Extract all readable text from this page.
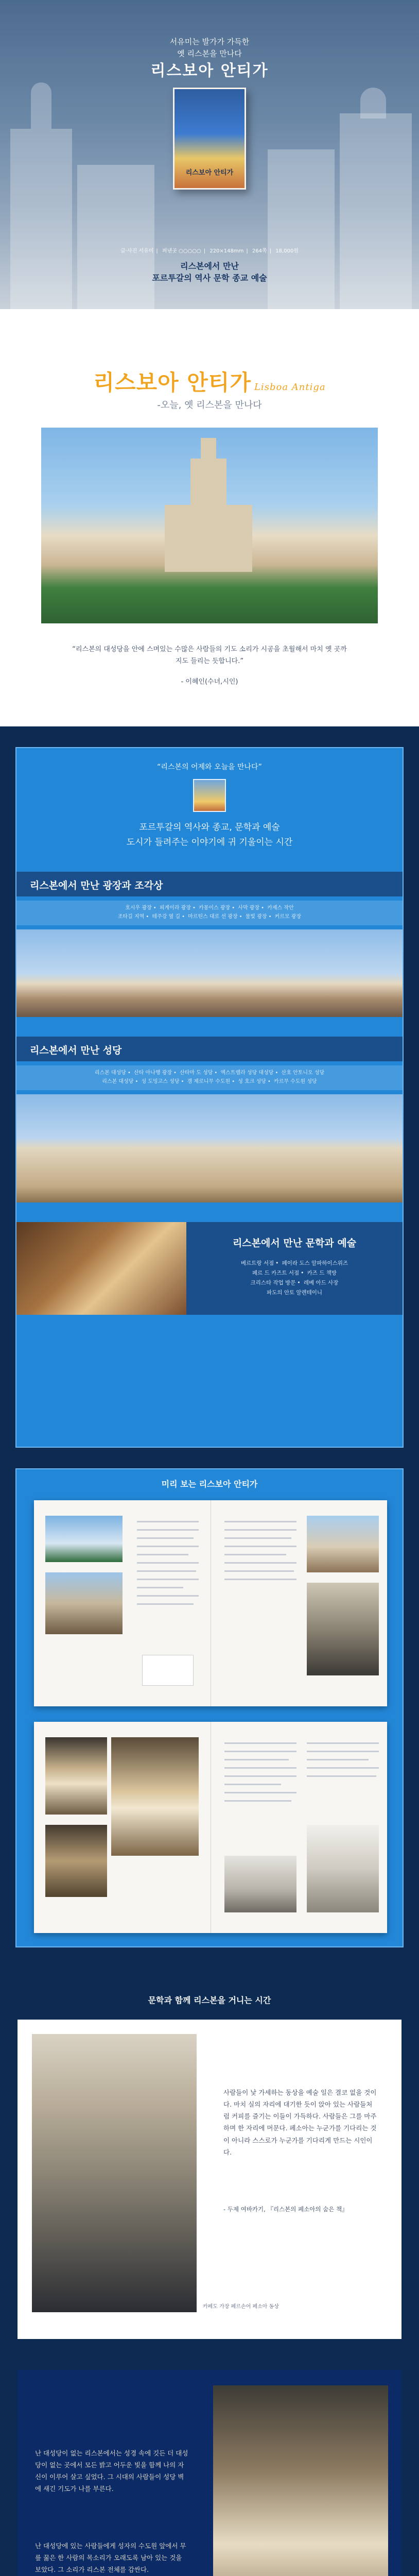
서유미는 발가가 가득한
옛 리스본을 만나다
리스보아 안티가
리스보아 안티가
글·사진 서유미 | 펴낸곳 ○○○○○ | 220×148mm | 264쪽 | 18,000원
리스본에서 만난
포르투갈의 역사 문학 종교 예술
리스보아 안티가 Lisboa Antiga
-오늘, 옛 리스본을 만나다
“리스본의 대성당을 안에 스며있는 수많은 사람들의 기도 소리가 시공을 초월해서 마치 옛 곳까지도 들리는 듯합니다.”
- 이혜인(수녀,시인)
“리스본의 어제와 오늘을 만나다”
포르투갈의 역사와 종교, 문학과 예술
도시가 들려주는 이야기에 귀 기울이는 시간
리스본에서 만난 광장과 조각상
호시우 광장 • 피게이라 광장 • 카몽이스 광장 • 사막 광장 • 카제스 작안
조타길 지역 • 테주강 옆 길 • 마르틴스 대로 선 광장 • 물빛 광장 • 커르모 광장
리스본에서 만난 성당
리스본 대성당 • 산타 아나행 광장 • 산타마 도 성당 • 엑스트렐라 성당 대성당 • 산호 안토니오 성당
리스본 대성당 • 성 도밍고스 성당 • 겜 제로니무 수도원 • 성 호크 성당 • 카르무 수도원 성당
리스본에서 만난 문학과 예술
베르트랑 서점 • 페이라 도스 알파하이스위즈
페르 드 카즈트 서점 • 카즈 드 책방
크리스타 작업 방문 • 레베 아드 사장
파도의 안토 알렌테이니
미리 보는 리스보아 안티가
문학과 함께 리스본을 거니는 시간
카페도 가장 페르손어 페소아 동상
사람들이 낯 가세하는 동상을 예술 일은 결코 없을 것이다. 마치 실의 자리에 대기한 듯이 앉아 있는 사람들처럼 커피를 즐기는 이들이 가득하다. 사람들은 그를 마주하며 한 자리에 머문다. 페소아는 누군가를 기다리는 것이 아니라 스스로가 누군가를 기다리게 만드는 시인이다.
- 두제 여바카기, 『리스본의 페소아의 숨은 책』
난 대성당이 없는 리스본에서는 성경 속에 깃든 더 대성당이 없는 곳에서 모든 밝고 어두운 빛을 함께 나의 자신이 이루어 살고 싶었다. 그 시대의 사람들이 성당 벽에 새긴 기도가 나를 부른다.
난 대성당에 있는 사람들에게 성자의 수도원 앞에서 무릎 꿇은 한 사람의 목소리가 오래도록 남아 있는 것을 보았다. 그 소리가 리스본 전체를 감싼다.
